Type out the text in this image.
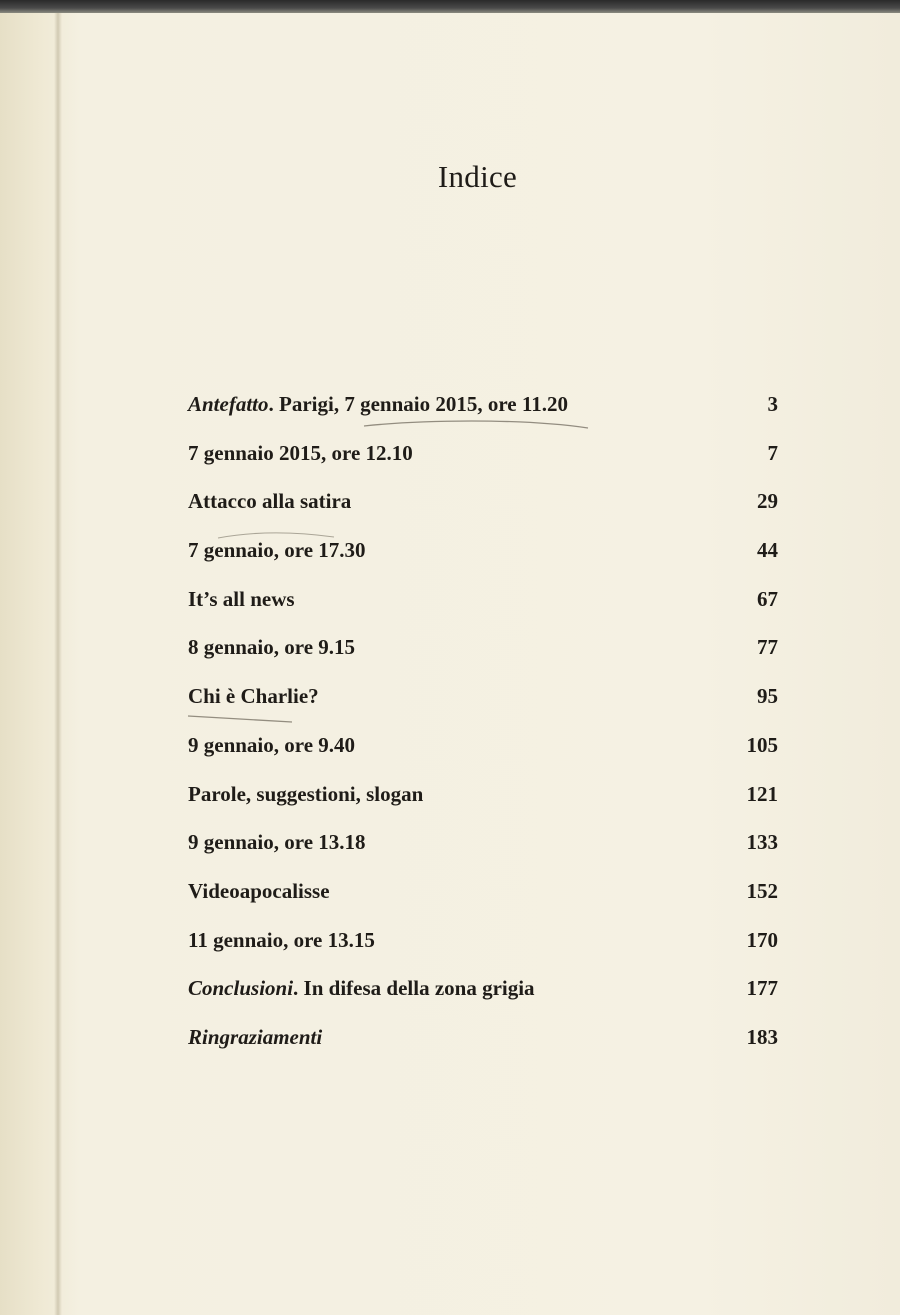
Indice
Antefatto. Parigi, 7 gennaio 2015, ore 11.20	3
7 gennaio 2015, ore 12.10	7
Attacco alla satira	29
7 gennaio, ore 17.30	44
It’s all news	67
8 gennaio, ore 9.15	77
Chi è Charlie?	95
9 gennaio, ore 9.40	105
Parole, suggestioni, slogan	121
9 gennaio, ore 13.18	133
Videoapocalisse	152
11 gennaio, ore 13.15	170
Conclusioni. In difesa della zona grigia	177
Ringraziamenti	183
